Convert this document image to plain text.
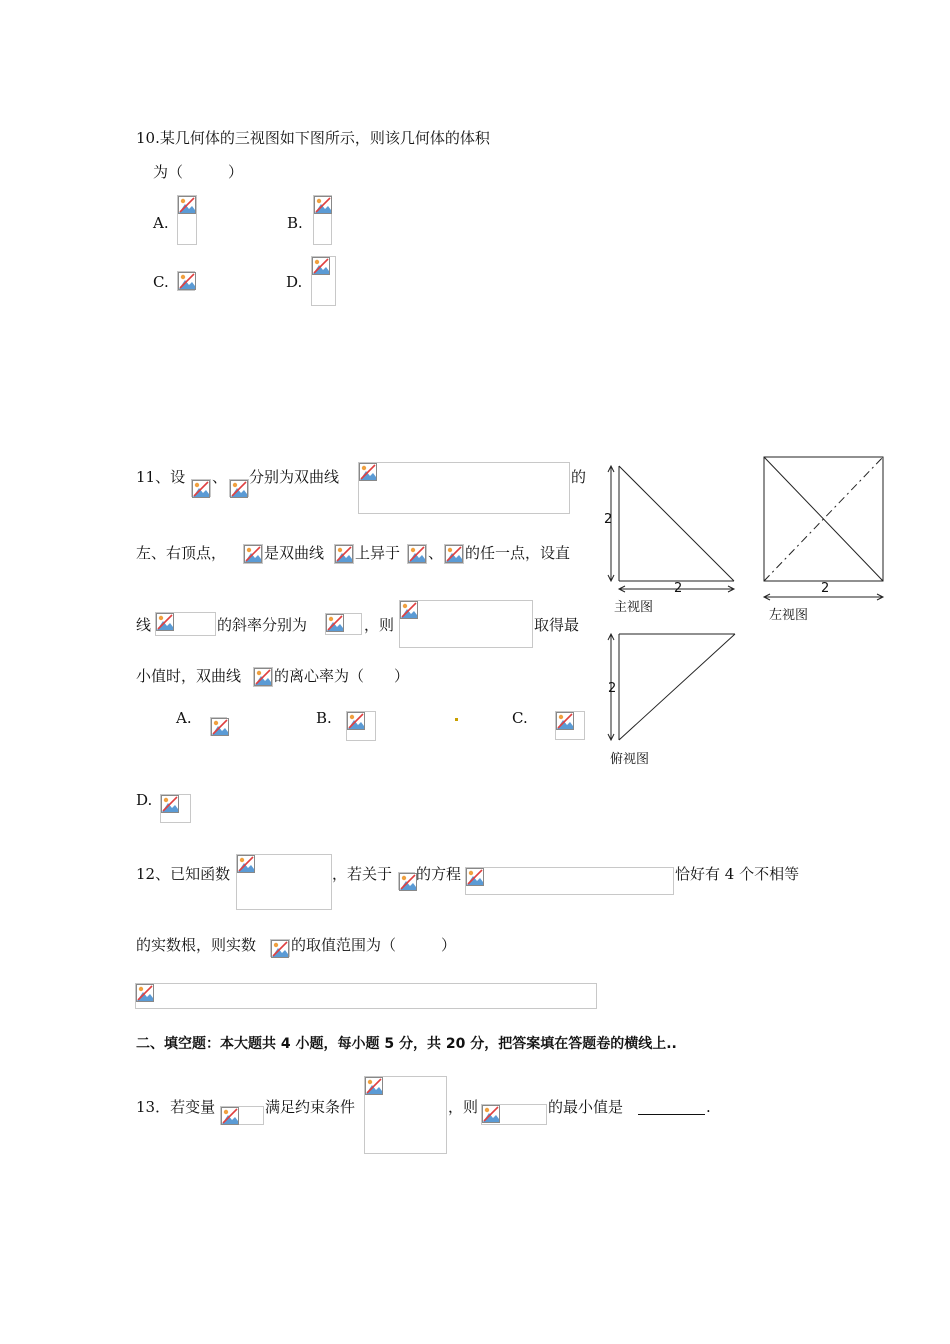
10.某几何体的三视图如下图所示，则该几何体的体积
为（　　　）
A.	B.
C.	D.
11、设 、 分别为双曲线	的
左、右顶点，	是双曲线 上异于 、 的任一点，设直
线	的斜率分别为	，则	取得最
小值时，双曲线 的离心率为（　　）
A.	B.	C.
D.
2
2
主视图
2
左视图
2
俯视图
12、已知函数	，若关于 的方程	恰好有 4 个不相等
的实数根，则实数 的取值范围为（　　　）
二、填空题：本大题共 4 小题，每小题 5 分，共 20 分，把答案填在答题卷的横线上..
13．若变量	满足约束条件	，则	的最小值是	.
